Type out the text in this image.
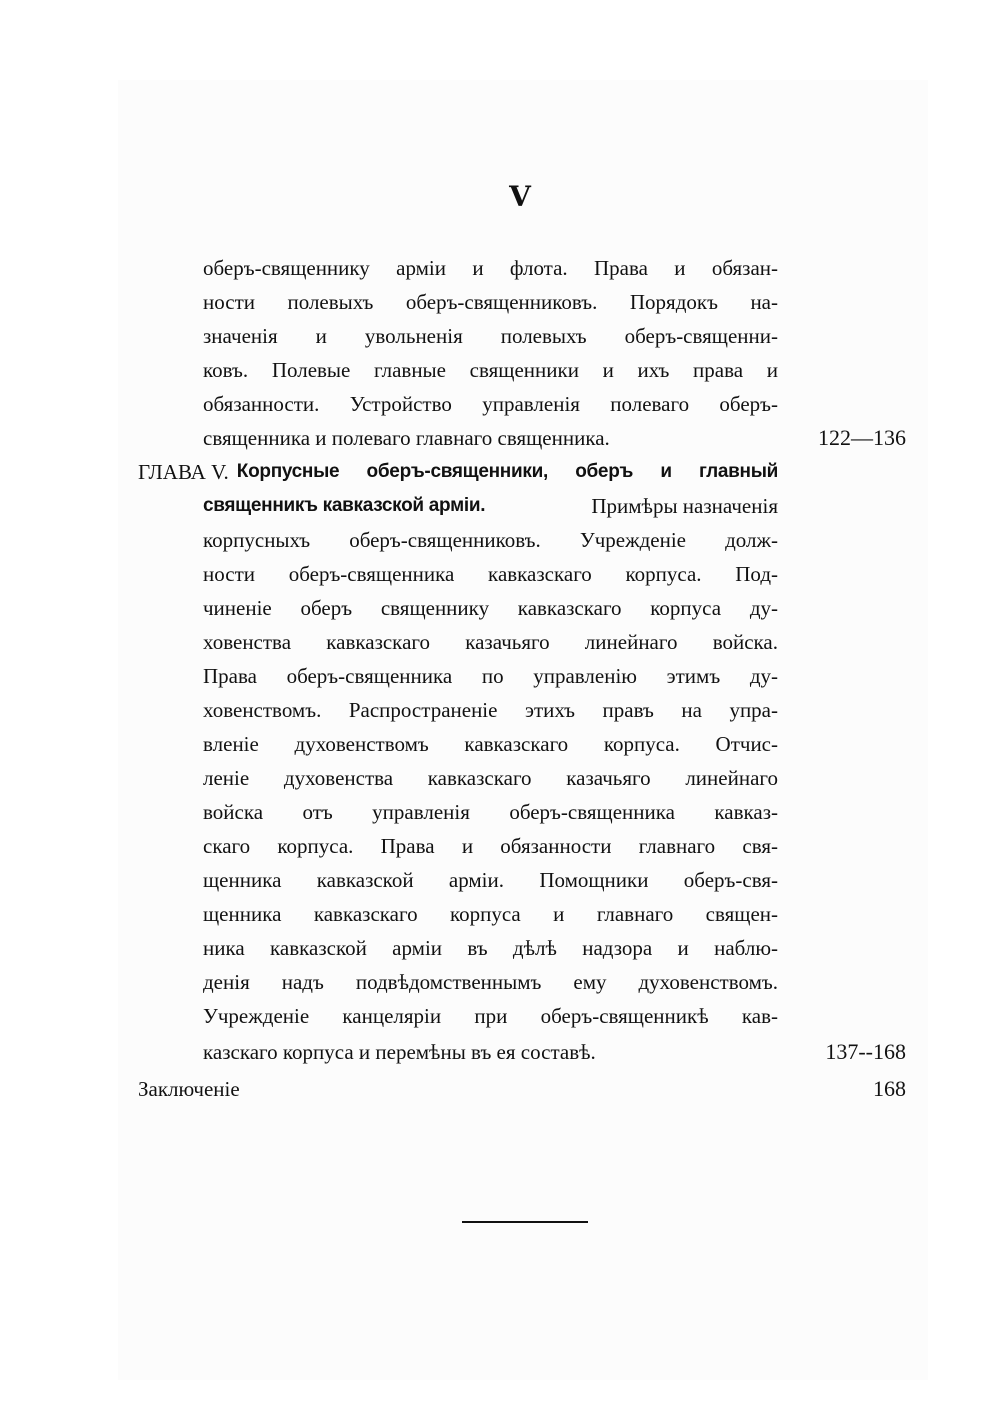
V
оберъ-священнику арміи и флота. Права и обязан-
ности полевыхъ оберъ-священниковъ. Порядокъ на-
значенія и увольненія полевыхъ оберъ-священни-
ковъ. Полевые главные священники и ихъ права и
обязанности. Устройство управленія полеваго оберъ-
священника и полеваго главнаго священника.	122—136
ГЛАВА V. Корпусные оберъ-священники, оберъ и главный
священникъ кавказской арміи.	Примѣры назначенія
корпусныхъ оберъ-священниковъ. Учрежденіе долж-
ности оберъ-священника кавказскаго корпуса. Под-
чиненіе оберъ священнику кавказскаго корпуса ду-
ховенства кавказскаго казачьяго линейнаго войска.
Права оберъ-священника по управленію этимъ ду-
ховенствомъ. Распространеніе этихъ правъ на упра-
вленіе духовенствомъ кавказскаго корпуса. Отчис-
леніе духовенства кавказскаго казачьяго линейнаго
войска отъ управленія оберъ-священника кавказ-
скаго корпуса. Права и обязанности главнаго свя-
щенника кавказской арміи. Помощники оберъ-свя-
щенника кавказскаго корпуса и главнаго священ-
ника кавказской арміи въ дѣлѣ надзора и наблю-
денія надъ подвѣдомственнымъ ему духовенствомъ.
Учрежденіе канцеляріи при оберъ-священникѣ кав-
казскаго корпуса и перемѣны въ ея составѣ.	137--168
Заключеніе	168
